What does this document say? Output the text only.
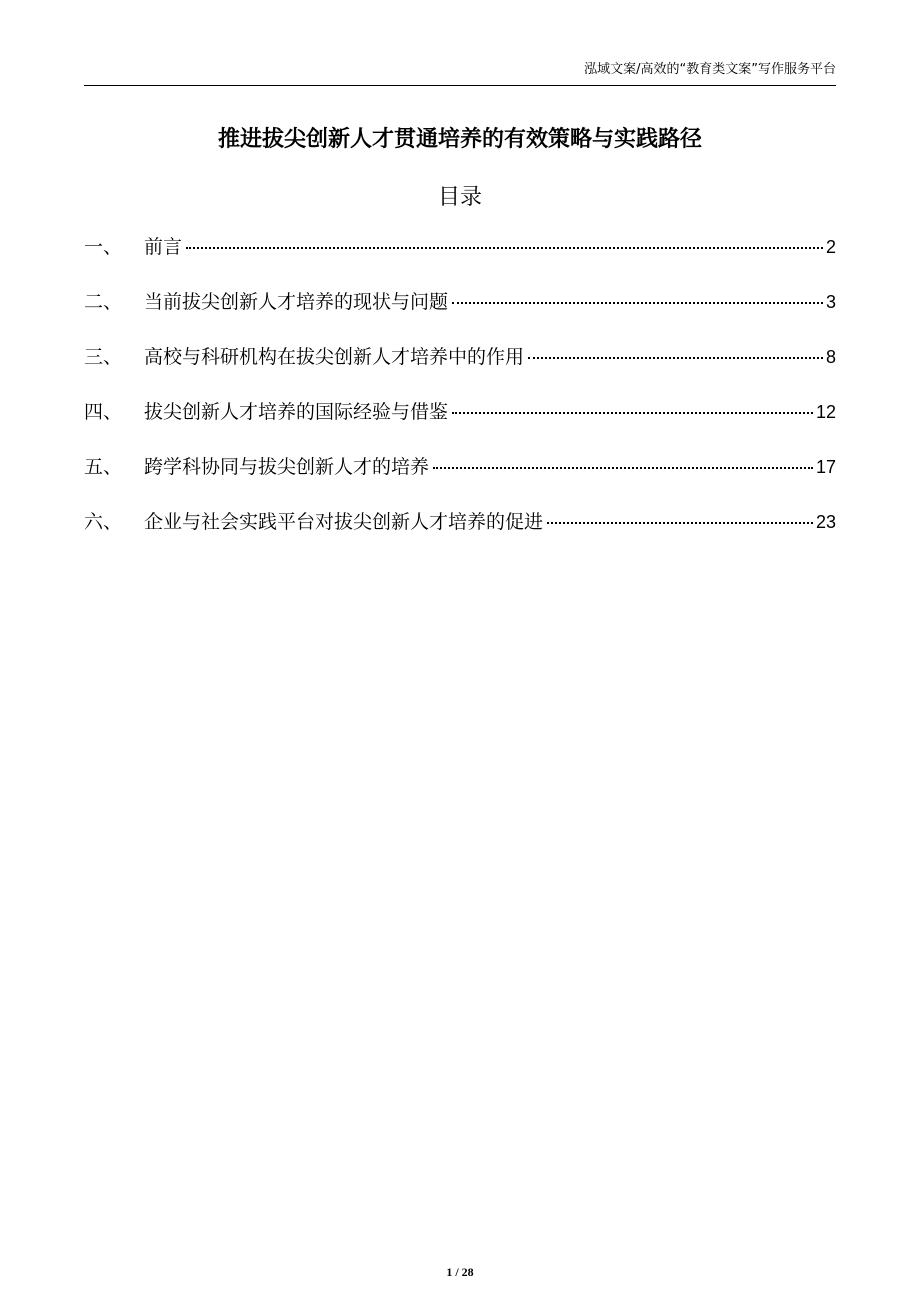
泓域文案/高效的“教育类文案”写作服务平台
推进拔尖创新人才贯通培养的有效策略与实践路径
目录
一、	前言	2
二、	当前拔尖创新人才培养的现状与问题	3
三、	高校与科研机构在拔尖创新人才培养中的作用	8
四、	拔尖创新人才培养的国际经验与借鉴	12
五、	跨学科协同与拔尖创新人才的培养	17
六、	企业与社会实践平台对拔尖创新人才培养的促进	23
1 / 28
